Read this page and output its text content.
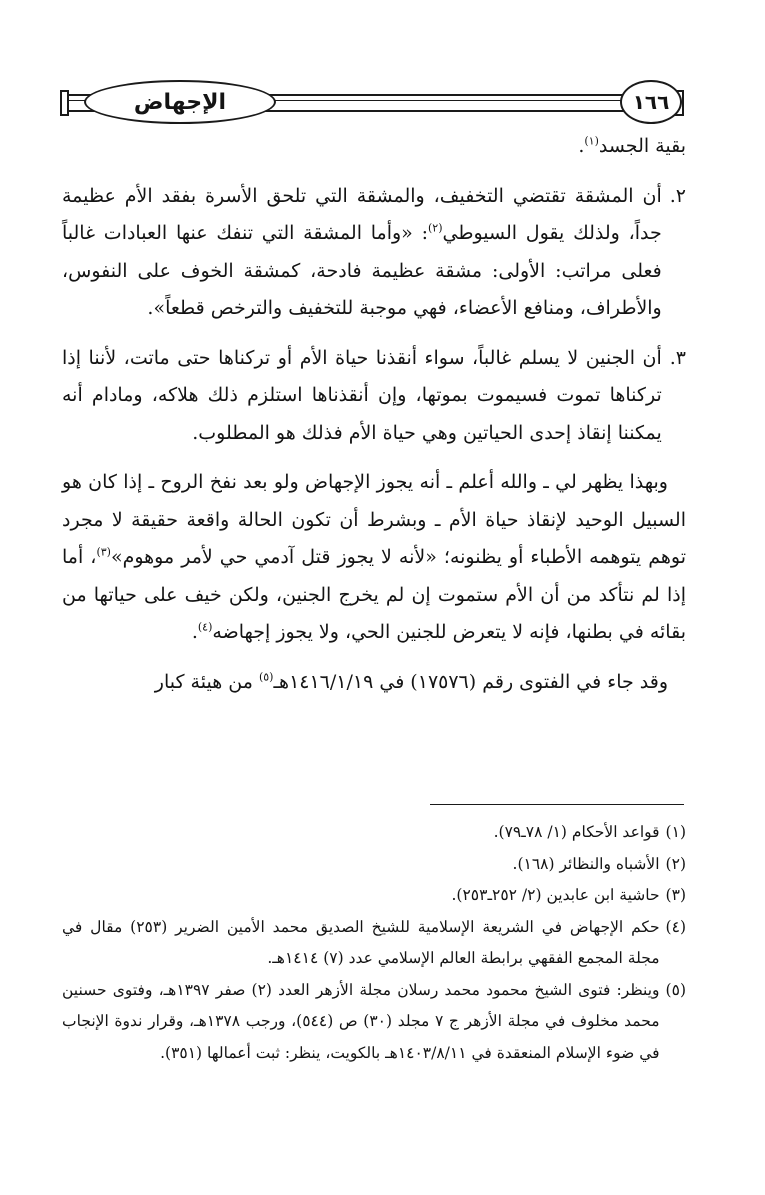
الإجهاض	١٦٦

بقية الجسد$^{(١)}$.

٢.

أن المشقة تقتضي التخفيف، والمشقة التي تلحق الأسرة بفقد الأم عظيمة جداً، ولذلك يقول السيوطي$^{(٢)}$: «وأما المشقة التي تنفك عنها العبادات غالباً فعلى مراتب: الأولى: مشقة عظيمة فادحة، كمشقة الخوف على النفوس، والأطراف، ومنافع الأعضاء، فهي موجبة للتخفيف والترخص قطعاً».

٣.

أن الجنين لا يسلم غالباً، سواء أنقذنا حياة الأم أو تركناها حتى ماتت، لأننا إذا تركناها تموت فسيموت بموتها، وإن أنقذناها استلزم ذلك هلاكه، ومادام أنه يمكننا إنقاذ إحدى الحياتين وهي حياة الأم فذلك هو المطلوب.

وبهذا يظهر لي ـ والله أعلم ـ أنه يجوز الإجهاض ولو بعد نفخ الروح ـ إذا كان هو السبيل الوحيد لإنقاذ حياة الأم ـ وبشرط أن تكون الحالة واقعة حقيقة لا مجرد توهم يتوهمه الأطباء أو يظنونه؛ «لأنه لا يجوز قتل آدمي حي لأمر موهوم»$^{(٣)}$، أما إذا لم نتأكد من أن الأم ستموت إن لم يخرج الجنين، ولكن خيف على حياتها من بقائه في بطنها، فإنه لا يتعرض للجنين الحي، ولا يجوز إجهاضه$^{(٤)}$.

وقد جاء في الفتوى رقم (١٧٥٧٦) في ١٤١٦/١/١٩هـ$^{(٥)}$ من هيئة كبار

(١)
قواعد الأحكام (١/ ٧٨ـ٧٩).
(٢)
الأشباه والنظائر (١٦٨).
(٣)
حاشية ابن عابدين (٢/ ٢٥٢ـ٢٥٣).
(٤)
حكم الإجهاض في الشريعة الإسلامية للشيخ الصديق محمد الأمين الضرير (٢٥٣) مقال في مجلة المجمع الفقهي برابطة العالم الإسلامي عدد (٧) ١٤١٤هـ.
(٥)
وينظر: فتوى الشيخ محمود محمد رسلان مجلة الأزهر العدد (٢) صفر ١٣٩٧هـ، وفتوى حسنين محمد مخلوف في مجلة الأزهر ج ٧ مجلد (٣٠) ص (٥٤٤)، ورجب ١٣٧٨هـ، وقرار ندوة الإنجاب في ضوء الإسلام المنعقدة في ١٤٠٣/٨/١١هـ بالكويت، ينظر: ثبت أعمالها (٣٥١).
